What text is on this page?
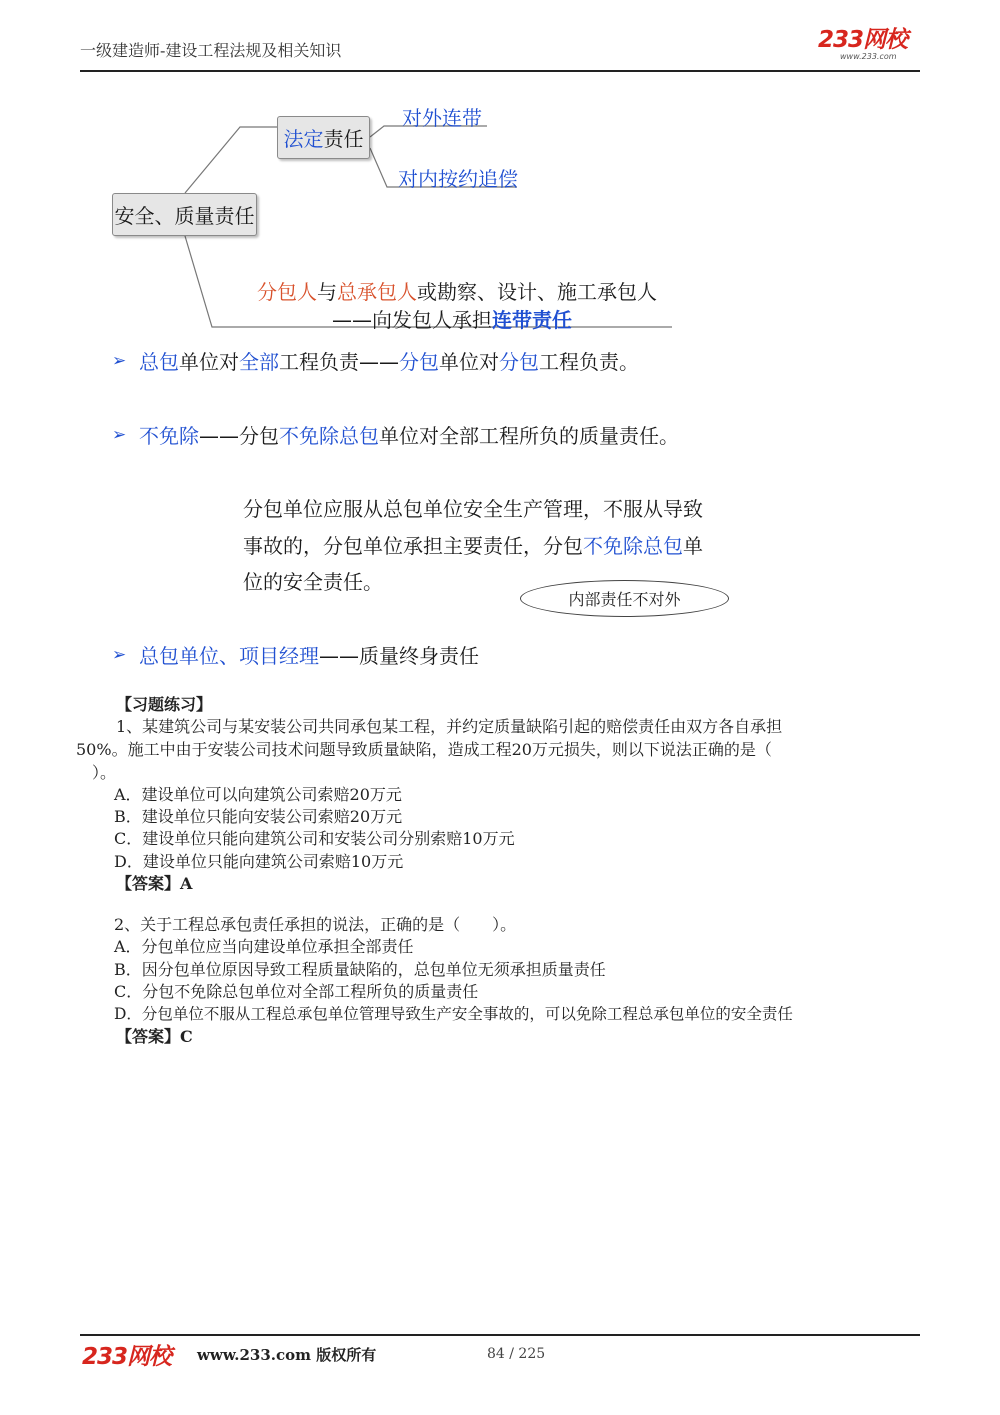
一级建造师-建设工程法规及相关知识	233网校
www.233.com
安全、质量责任
法定 责任
对外连带
对内按约追偿
分包人与总承包人或勘察、设计、施工承包人
——向发包人承担连带责任
➢ 总包 单位对 全部 工程负责—— 分包 单位对 分包 工程负责。
➢ 不免除 ——分包 不免除总包 单位对全部工程所负的质量责任。
分包单位应服从总包单位安全生产管理，不服从导致
事故的，分包单位承担主要责任，分包不免除总包单
位的安全责任。
内部责任不对外
➢ 总包单位、项目经理 ——质量终身责任
【习题练习】
1、某建筑公司与某安装公司共同承包某工程，并约定质量缺陷引起的赔偿责任由双方各自承担
50%。施工中由于安装公司技术问题导致质量缺陷，造成工程20万元损失，则以下说法正确的是（
）。
A．建设单位可以向建筑公司索赔20万元
B．建设单位只能向安装公司索赔20万元
C．建设单位只能向建筑公司和安装公司分别索赔10万元
D．建设单位只能向建筑公司索赔10万元
【答案】A
2、关于工程总承包责任承担的说法，正确的是（　　）。
A．分包单位应当向建设单位承担全部责任
B．因分包单位原因导致工程质量缺陷的，总包单位无须承担质量责任
C．分包不免除总包单位对全部工程所负的质量责任
D．分包单位不服从工程总承包单位管理导致生产安全事故的，可以免除工程总承包单位的安全责任
【答案】C
233网校 www.233.com 版权所有	84 / 225
